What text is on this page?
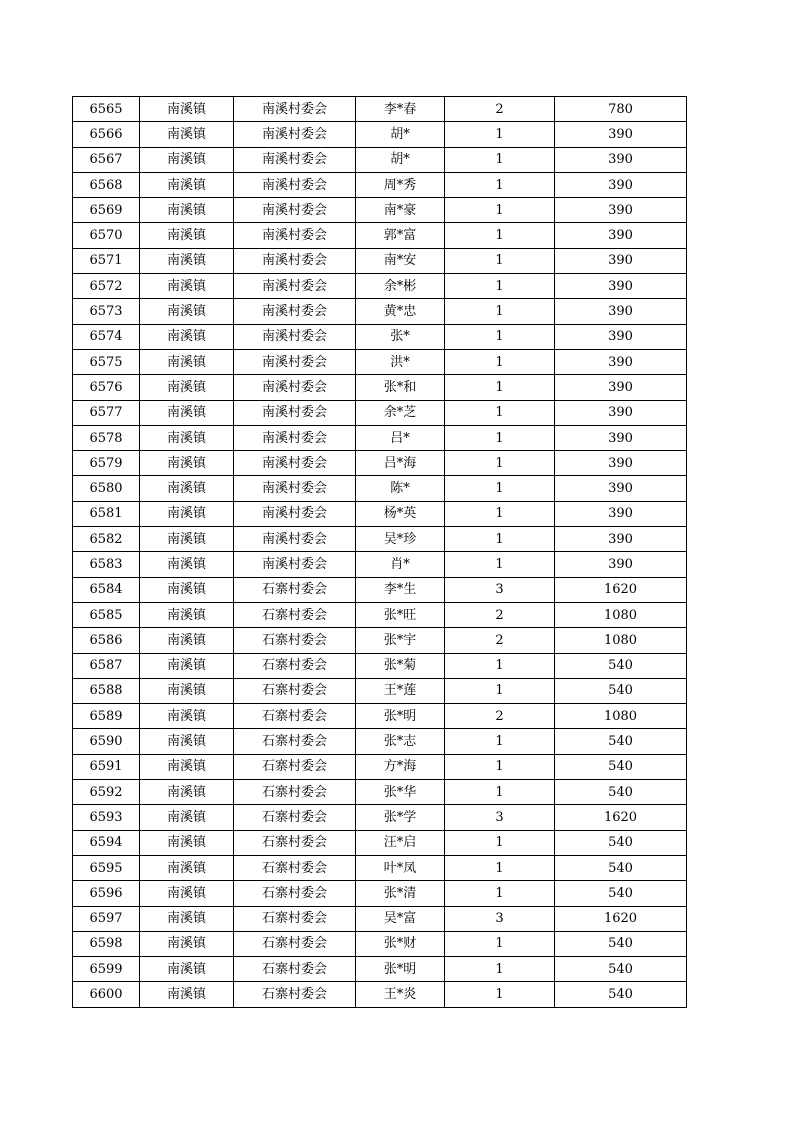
6565	南溪镇	南溪村委会	李*春	2	780
6566	南溪镇	南溪村委会	胡*	1	390
6567	南溪镇	南溪村委会	胡*	1	390
6568	南溪镇	南溪村委会	周*秀	1	390
6569	南溪镇	南溪村委会	南*豪	1	390
6570	南溪镇	南溪村委会	郭*富	1	390
6571	南溪镇	南溪村委会	南*安	1	390
6572	南溪镇	南溪村委会	余*彬	1	390
6573	南溪镇	南溪村委会	黄*忠	1	390
6574	南溪镇	南溪村委会	张*	1	390
6575	南溪镇	南溪村委会	洪*	1	390
6576	南溪镇	南溪村委会	张*和	1	390
6577	南溪镇	南溪村委会	余*芝	1	390
6578	南溪镇	南溪村委会	吕*	1	390
6579	南溪镇	南溪村委会	吕*海	1	390
6580	南溪镇	南溪村委会	陈*	1	390
6581	南溪镇	南溪村委会	杨*英	1	390
6582	南溪镇	南溪村委会	吴*珍	1	390
6583	南溪镇	南溪村委会	肖*	1	390
6584	南溪镇	石寨村委会	李*生	3	1620
6585	南溪镇	石寨村委会	张*旺	2	1080
6586	南溪镇	石寨村委会	张*宇	2	1080
6587	南溪镇	石寨村委会	张*菊	1	540
6588	南溪镇	石寨村委会	王*莲	1	540
6589	南溪镇	石寨村委会	张*明	2	1080
6590	南溪镇	石寨村委会	张*志	1	540
6591	南溪镇	石寨村委会	方*海	1	540
6592	南溪镇	石寨村委会	张*华	1	540
6593	南溪镇	石寨村委会	张*学	3	1620
6594	南溪镇	石寨村委会	汪*启	1	540
6595	南溪镇	石寨村委会	叶*凤	1	540
6596	南溪镇	石寨村委会	张*清	1	540
6597	南溪镇	石寨村委会	吴*富	3	1620
6598	南溪镇	石寨村委会	张*财	1	540
6599	南溪镇	石寨村委会	张*明	1	540
6600	南溪镇	石寨村委会	王*炎	1	540
